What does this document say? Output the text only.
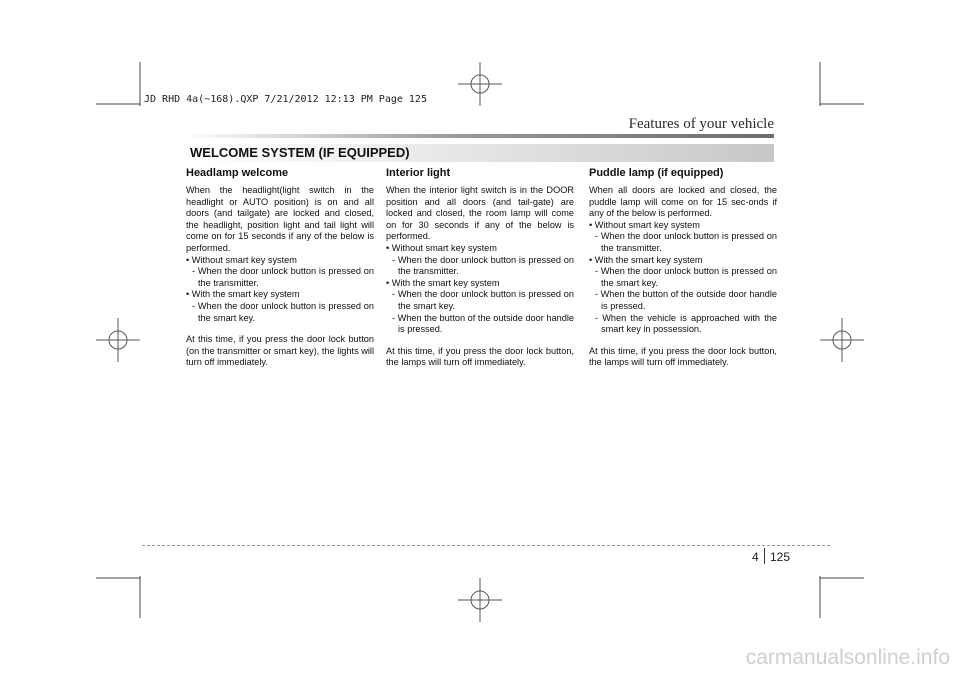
JD RHD 4a(~168).QXP 7/21/2012 12:13 PM Page 125
Features of your vehicle
WELCOME SYSTEM (IF EQUIPPED)
Headlamp welcome

When the headlight(light switch in the headlight or AUTO position) is on and all doors (and tailgate) are locked and closed, the headlight, position light and tail light will come on for 15 seconds if any of the below is performed.

• Without smart key system
- When the door unlock button is pressed on the transmitter.
• With the smart key system
- When the door unlock button is pressed on the smart key.

At this time, if you press the door lock button (on the transmitter or smart key), the lights will turn off immediately.

Interior light

When the interior light switch is in the DOOR position and all doors (and tail-gate) are locked and closed, the room lamp will come on for 30 seconds if any of the below is performed.

• Without smart key system
- When the door unlock button is pressed on the transmitter.
• With the smart key system
- When the door unlock button is pressed on the smart key.
- When the button of the outside door handle is pressed.

At this time, if you press the door lock button, the lamps will turn off immediately.

Puddle lamp (if equipped)

When all doors are locked and closed, the puddle lamp will come on for 15 sec-onds if any of the below is performed.

• Without smart key system
- When the door unlock button is pressed on the transmitter.
• With the smart key system
- When the door unlock button is pressed on the smart key.
- When the button of the outside door handle is pressed.
- When the vehicle is approached with the smart key in possession.

At this time, if you press the door lock button, the lamps will turn off immediately.

4 125
carmanualsonline.info
